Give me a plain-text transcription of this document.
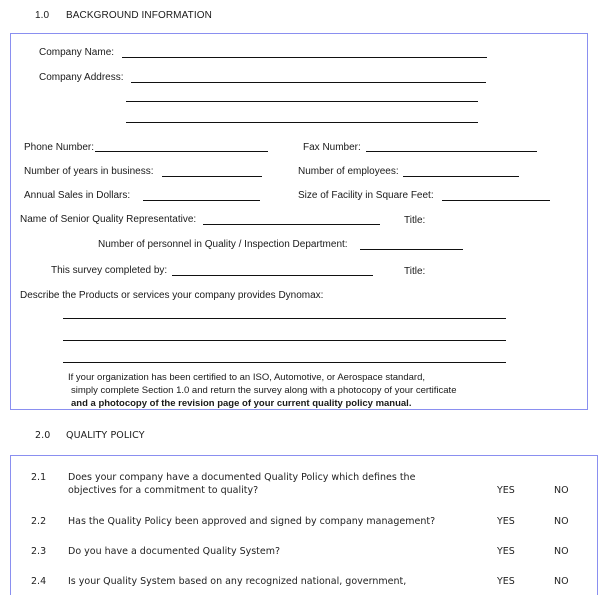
1.0 BACKGROUND INFORMATION
Company Name:
Company Address:
Phone Number:	Fax Number:
Number of years in business:	Number of employees:
Annual Sales in Dollars:	Size of Facility in Square Feet:
Name of Senior Quality Representative:	Title:
Number of personnel in Quality / Inspection Department:
This survey completed by:	Title:
Describe the Products or services your company provides Dynomax:
If your organization has been certified to an ISO, Automotive, or Aerospace standard,
simply complete Section 1.0 and return the survey along with a photocopy of your certificate
and a photocopy of the revision page of your current quality policy manual.
2.0 QUALITY POLICY
2.1 Does your company have a documented Quality Policy which defines the
objectives for a commitment to quality?	YES	NO
2.2 Has the Quality Policy been approved and signed by company management?	YES	NO
2.3 Do you have a documented Quality System?	YES	NO
2.4 Is your Quality System based on any recognized national, government,	YES	NO
